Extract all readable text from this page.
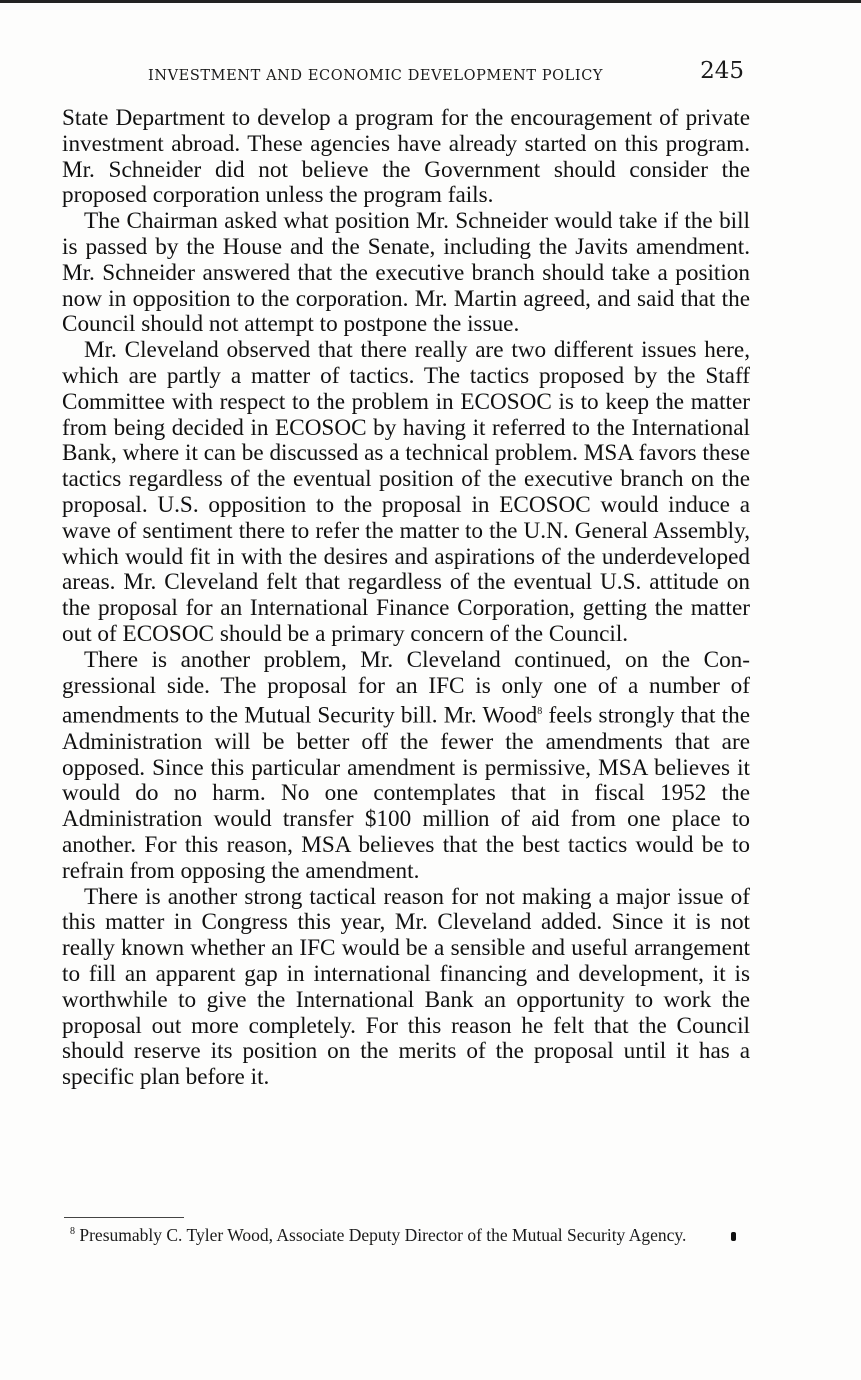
INVESTMENT AND ECONOMIC DEVELOPMENT POLICY	245

State Department to develop a program for the encouragement of private investment abroad. These agencies have already started on this program. Mr. Schneider did not believe the Government should consider the proposed corporation unless the program fails.

The Chairman asked what position Mr. Schneider would take if the bill is passed by the House and the Senate, including the Javits amendment. Mr. Schneider answered that the executive branch should take a position now in opposition to the corporation. Mr. Martin agreed, and said that the Council should not attempt to postpone the issue.

Mr. Cleveland observed that there really are two different issues here, which are partly a matter of tactics. The tactics proposed by the Staff Committee with respect to the problem in ECOSOC is to keep the matter from being decided in ECOSOC by having it referred to the International Bank, where it can be discussed as a technical problem. MSA favors these tactics regardless of the eventual position of the executive branch on the proposal. U.S. opposition to the proposal in ECOSOC would induce a wave of sentiment there to refer the matter to the U.N. General Assembly, which would fit in with the desires and aspirations of the underdeveloped areas. Mr. Cleveland felt that regardless of the eventual U.S. attitude on the proposal for an International Finance Corporation, getting the matter out of ECOSOC should be a primary concern of the Council.

There is another problem, Mr. Cleveland continued, on the Congressional side. The proposal for an IFC is only one of a number of amendments to the Mutual Security bill. Mr. Wood$^8$ feels strongly that the Administration will be better off the fewer the amendments that are opposed. Since this particular amendment is permissive, MSA believes it would do no harm. No one contemplates that in fiscal 1952 the Administration would transfer $100 million of aid from one place to another. For this reason, MSA believes that the best tactics would be to refrain from opposing the amendment.

There is another strong tactical reason for not making a major issue of this matter in Congress this year, Mr. Cleveland added. Since it is not really known whether an IFC would be a sensible and useful arrangement to fill an apparent gap in international financing and development, it is worthwhile to give the International Bank an opportunity to work the proposal out more completely. For this reason he felt that the Council should reserve its position on the merits of the proposal until it has a specific plan before it.

$^8$ Presumably C. Tyler Wood, Associate Deputy Director of the Mutual Security Agency.
